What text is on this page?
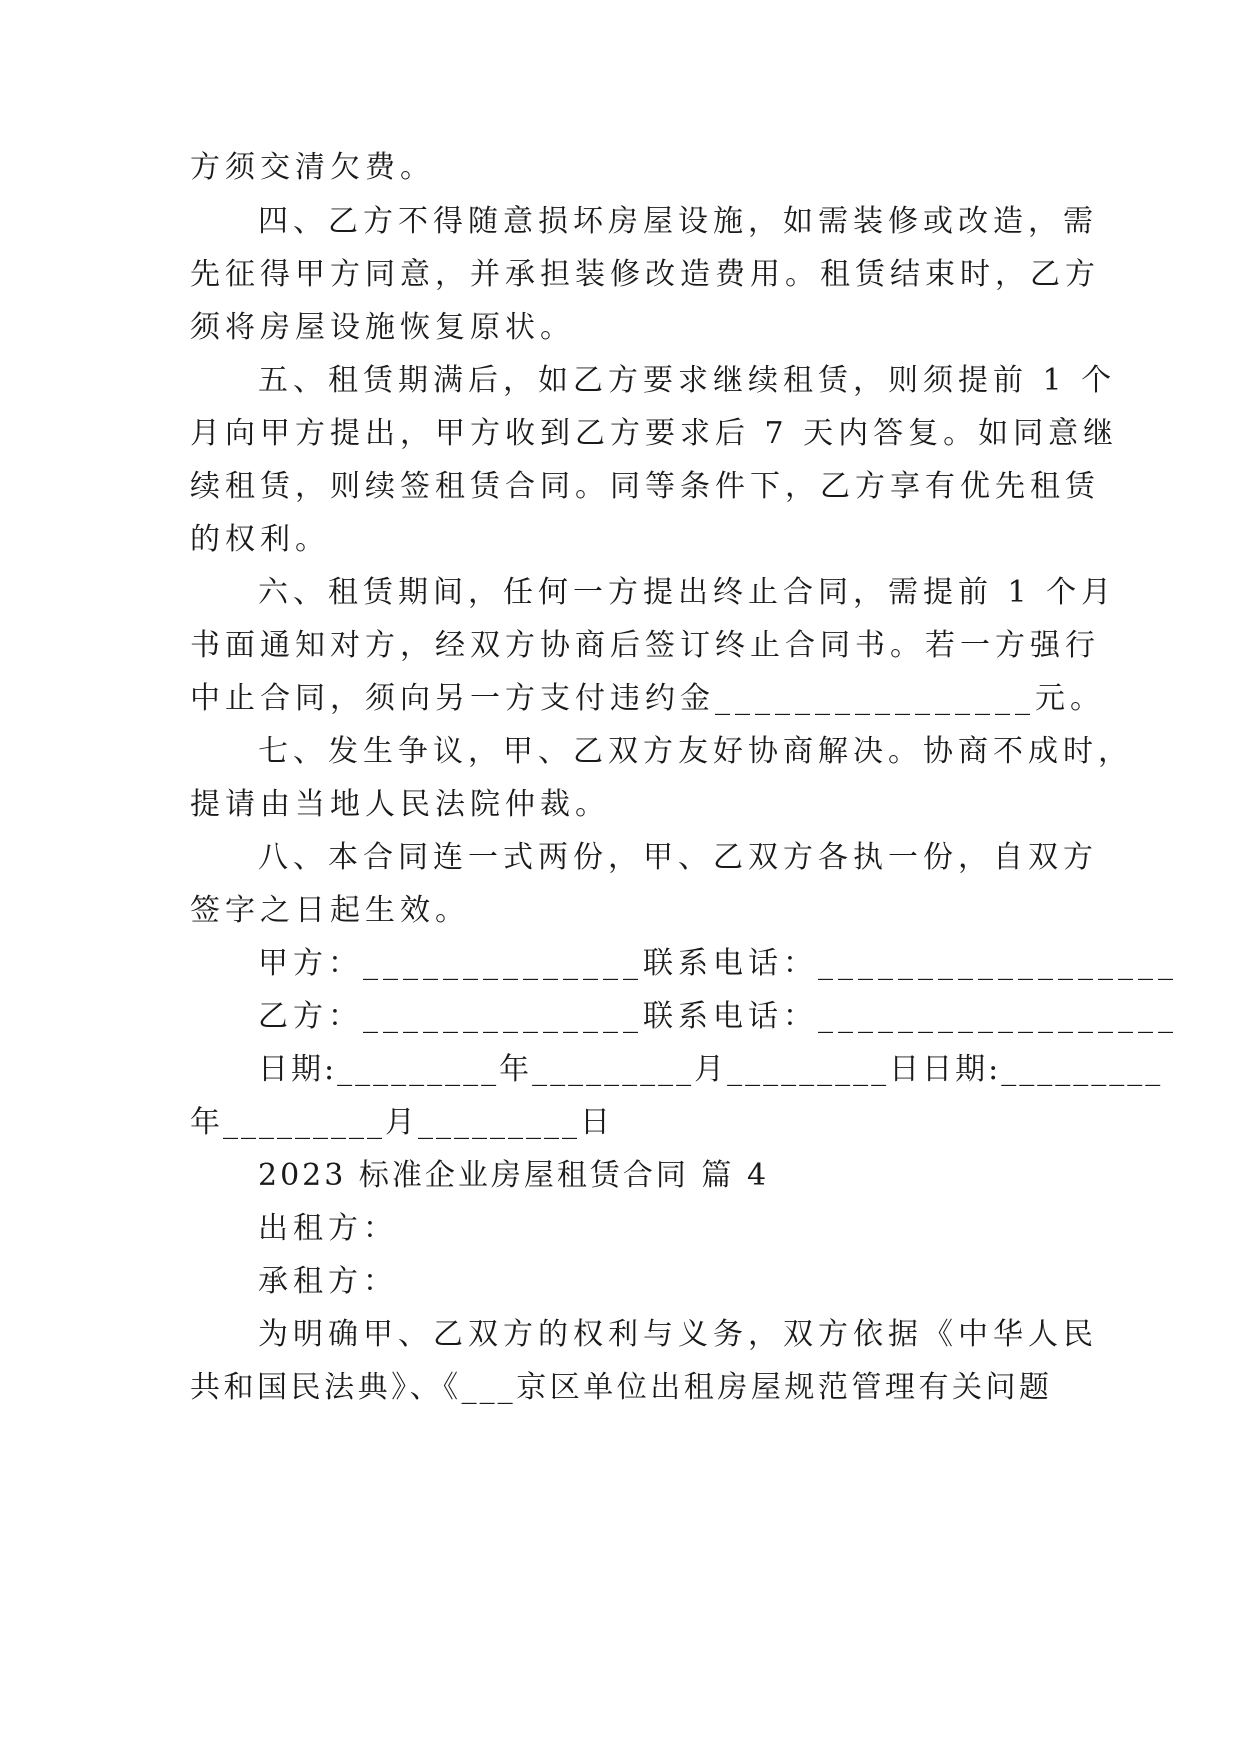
方须交清欠费。
四、乙方不得随意损坏房屋设施，如需装修或改造，需
先征得甲方同意，并承担装修改造费用。租赁结束时，乙方
须将房屋设施恢复原状。
五、租赁期满后，如乙方要求继续租赁，则须提前 1 个
月向甲方提出，甲方收到乙方要求后 7 天内答复。如同意继
续租赁，则续签租赁合同。同等条件下，乙方享有优先租赁
的权利。
六、租赁期间，任何一方提出终止合同，需提前 1 个月
书面通知对方，经双方协商后签订终止合同书。若一方强行
中止合同，须向另一方支付违约金________________元。
七、发生争议，甲、乙双方友好协商解决。协商不成时，
提请由当地人民法院仲裁。
八、本合同连一式两份，甲、乙双方各执一份，自双方
签字之日起生效。
甲方：______________联系电话：__________________
乙方：______________联系电话：__________________
日期:_________年_________月_________日日期:_________
年_________月_________日
2023 标准企业房屋租赁合同 篇 4
出租方：
承租方：
为明确甲、乙双方的权利与义务，双方依据《中华人民
共和国民法典》、《___京区单位出租房屋规范管理有关问题
